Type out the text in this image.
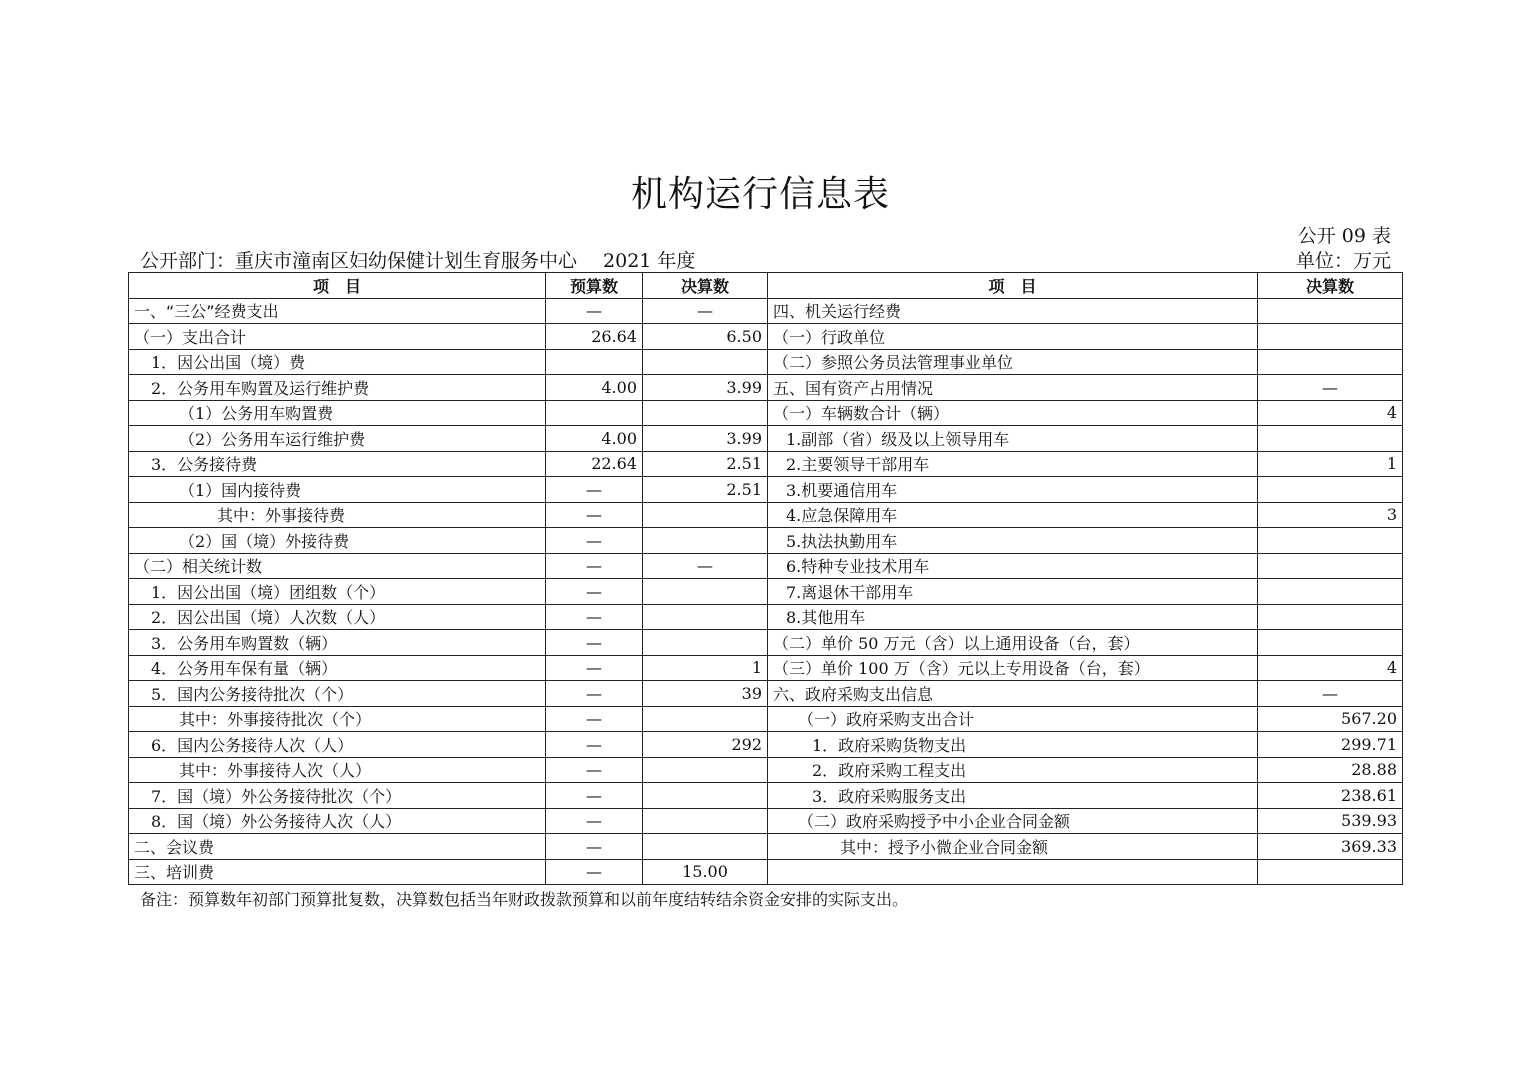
机构运行信息表
公开 09 表
公开部门：重庆市潼南区妇幼保健计划生育服务中心 2021 年度	单位：万元
项　目	预算数	决算数	项　目	决算数
一、“三公”经费支出	—	—	四、机关运行经费	
（一）支出合计	26.64	6.50	（一）行政单位	
1．因公出国（境）费			（二）参照公务员法管理事业单位	
2．公务用车购置及运行维护费	4.00	3.99	五、国有资产占用情况	—
（1）公务用车购置费			（一）车辆数合计（辆）	4
（2）公务用车运行维护费	4.00	3.99	1.副部（省）级及以上领导用车	
3．公务接待费	22.64	2.51	2.主要领导干部用车	1
（1）国内接待费	—	2.51	3.机要通信用车	
其中：外事接待费	—		4.应急保障用车	3
（2）国（境）外接待费	—		5.执法执勤用车	
（二）相关统计数	—	—	6.特种专业技术用车	
1．因公出国（境）团组数（个）	—		7.离退休干部用车	
2．因公出国（境）人次数（人）	—		8.其他用车	
3．公务用车购置数（辆）	—		（二）单价 50 万元（含）以上通用设备（台，套）	
4．公务用车保有量（辆）	—	1	（三）单价 100 万（含）元以上专用设备（台，套）	4
5．国内公务接待批次（个）	—	39	六、政府采购支出信息	—
其中：外事接待批次（个）	—		（一）政府采购支出合计	567.20
6．国内公务接待人次（人）	—	292	1．政府采购货物支出	299.71
其中：外事接待人次（人）	—		2．政府采购工程支出	28.88
7．国（境）外公务接待批次（个）	—		3．政府采购服务支出	238.61
8．国（境）外公务接待人次（人）	—		（二）政府采购授予中小企业合同金额	539.93
二、会议费	—		其中：授予小微企业合同金额	369.33
三、培训费	—	15.00		
备注：预算数年初部门预算批复数，决算数包括当年财政拨款预算和以前年度结转结余资金安排的实际支出。
